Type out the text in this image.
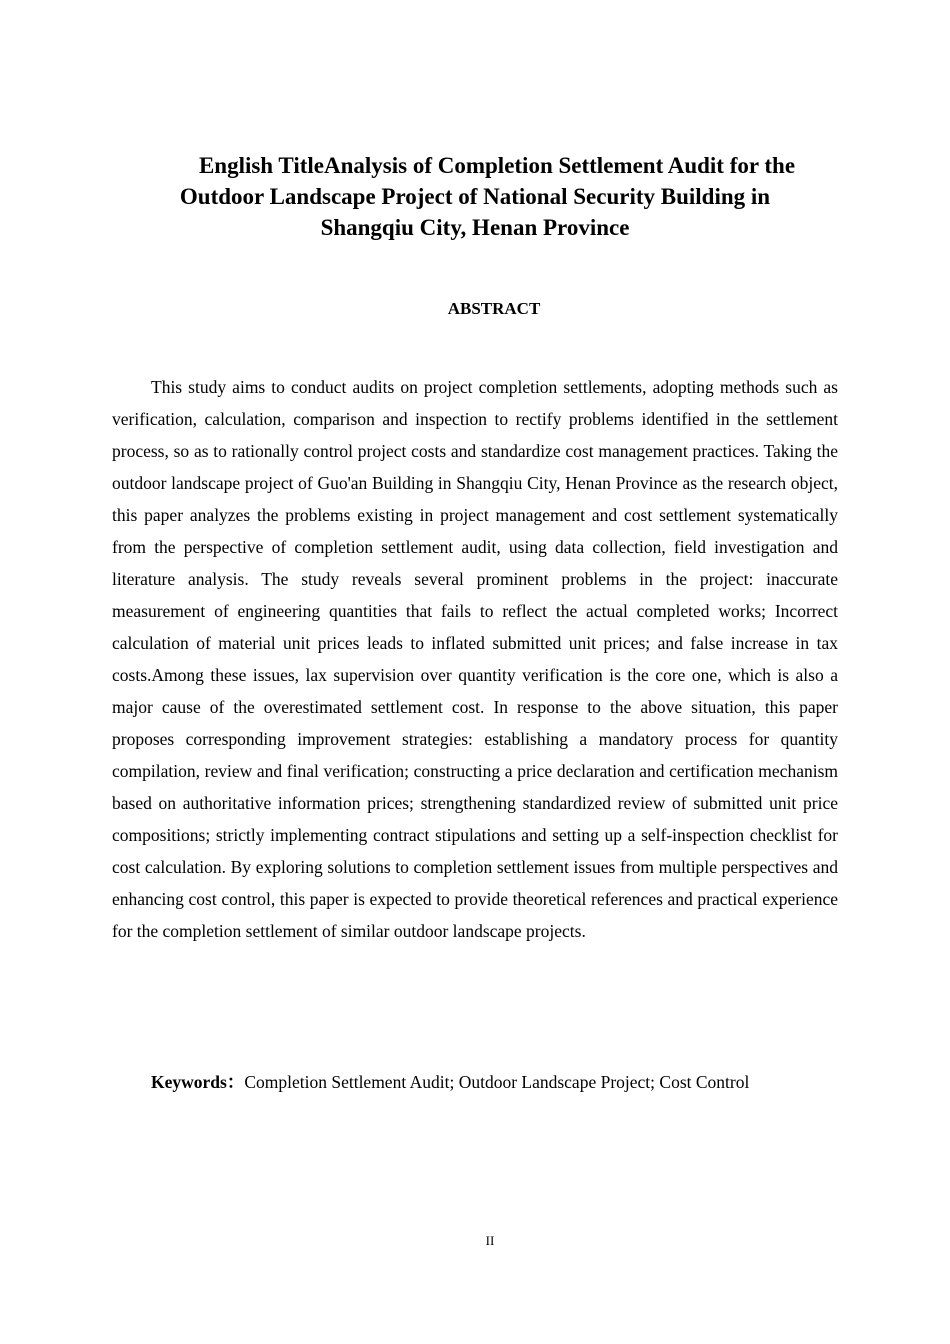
English TitleAnalysis of Completion Settlement Audit for the
Outdoor Landscape Project of National Security Building in
Shangqiu City, Henan Province
ABSTRACT

This study aims to conduct audits on project completion settlements, adopting methods such as verification, calculation, comparison and inspection to rectify problems identified in the settlement process, so as to rationally control project costs and standardize cost management practices. Taking the outdoor landscape project of Guo'an Building in Shangqiu City, Henan Province as the research object, this paper analyzes the problems existing in project management and cost settlement systematically from the perspective of completion settlement audit, using data collection, field investigation and literature analysis. The study reveals several prominent problems in the project: inaccurate measurement of engineering quantities that fails to reflect the actual completed works; Incorrect calculation of material unit prices leads to inflated submitted unit prices; and false increase in tax costs.Among these issues, lax supervision over quantity verification is the core one, which is also a major cause of the overestimated settlement cost. In response to the above situation, this paper proposes corresponding improvement strategies: establishing a mandatory process for quantity compilation, review and final verification; constructing a price declaration and certification mechanism based on authoritative information prices; strengthening standardized review of submitted unit price compositions; strictly implementing contract stipulations and setting up a self-inspection checklist for cost calculation. By exploring solutions to completion settlement issues from multiple perspectives and enhancing cost control, this paper is expected to provide theoretical references and practical experience for the completion settlement of similar outdoor landscape projects.

Keywords：Completion Settlement Audit; Outdoor Landscape Project; Cost Control

II
